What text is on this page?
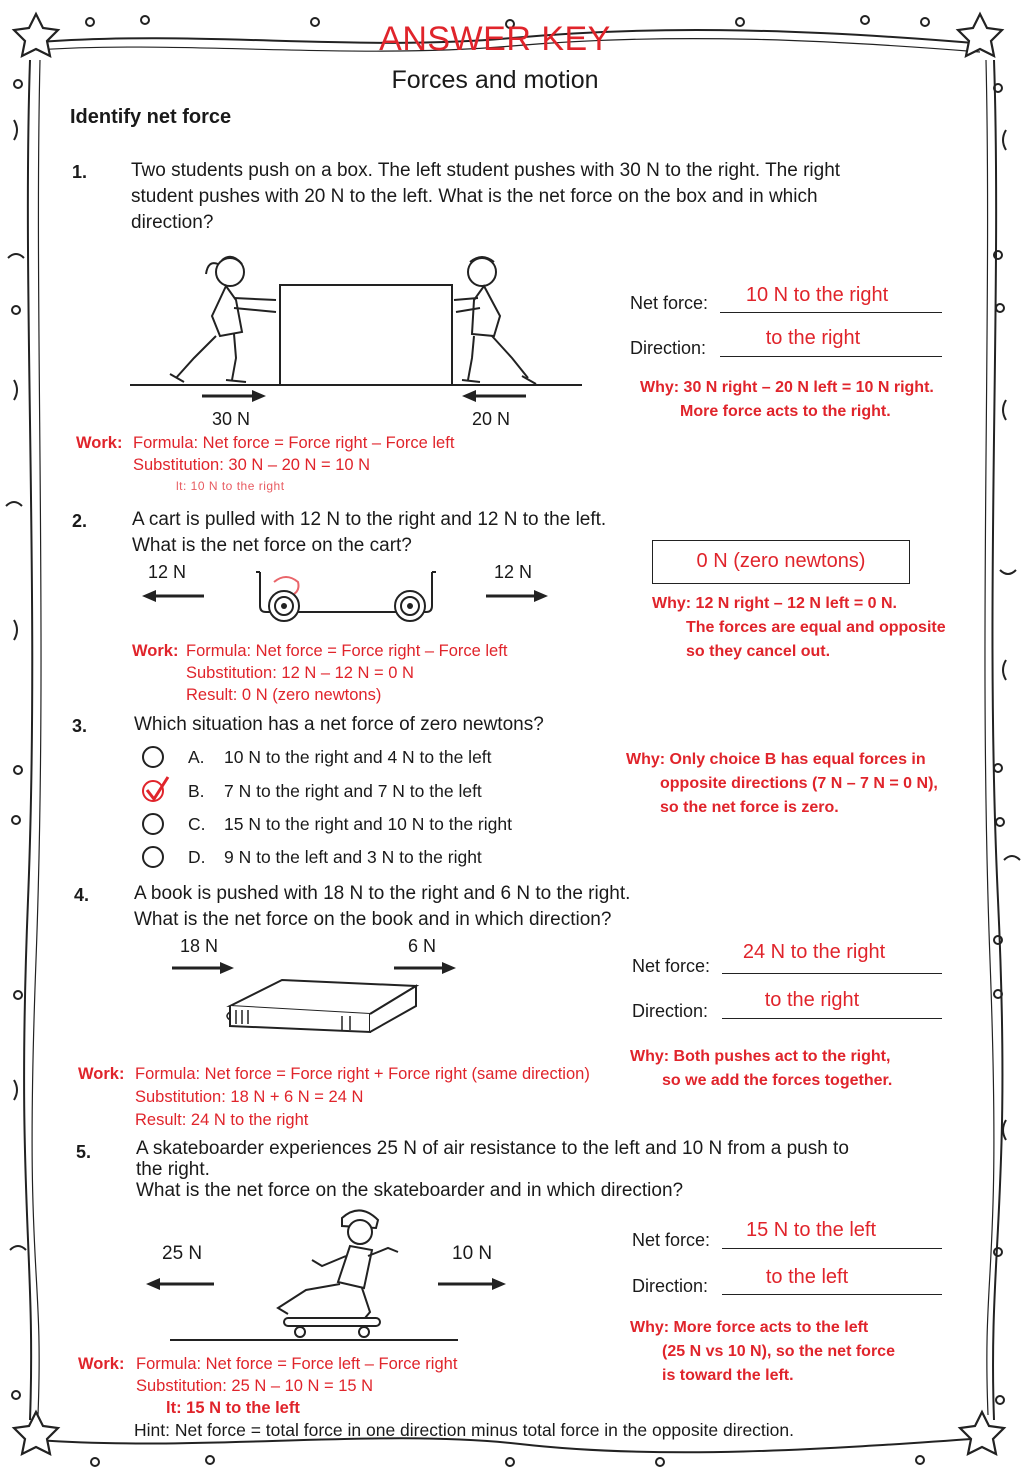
ANSWER KEY
Forces and motion
Identify net force
1. Two students push on a box. The left student pushes with 30 N to the right. The right
student pushes with 20 N to the left. What is the net force on the box and in which
direction?
30 N	20 N
Net force:	10 N to the right
Direction:	to the right
Why: 30 N right – 20 N left = 10 N right.
More force acts to the right.
Work: Formula: Net force = Force right – Force left
Substitution: 30 N – 20 N = 10 N
lt: 10 N to the right
2. A cart is pulled with 12 N to the right and 12 N to the left.
What is the net force on the cart?
12 N	12 N	0 N (zero newtons)
Why: 12 N right – 12 N left = 0 N.
The forces are equal and opposite
so they cancel out.
Work: Formula: Net force = Force right – Force left
Substitution: 12 N – 12 N = 0 N
Result: 0 N (zero newtons)
3. Which situation has a net force of zero newtons?
A. 10 N to the right and 4 N to the left
B. 7 N to the right and 7 N to the left
C. 15 N to the right and 10 N to the right
D. 9 N to the left and 3 N to the right
Why: Only choice B has equal forces in
opposite directions (7 N – 7 N = 0 N),
so the net force is zero.
4. A book is pushed with 18 N to the right and 6 N to the right.
What is the net force on the book and in which direction?
18 N	6 N
Net force:
24 N to the right
Direction:	to the right
Why: Both pushes act to the right,
so we add the forces together.
Work: Formula: Net force = Force right + Force right (same direction)
Substitution: 18 N + 6 N = 24 N
Result: 24 N to the right
5. A skateboarder experiences 25 N of air resistance to the left and 10 N from a push to
the right.
What is the net force on the skateboarder and in which direction?
25 N	10 N
Net force:	15 N to the left
Direction:	to the left
Why: More force acts to the left
(25 N vs 10 N), so the net force
is toward the left.
Work: Formula: Net force = Force left – Force right
Substitution: 25 N – 10 N = 15 N
lt: 15 N to the left
Hint: Net force = total force in one direction minus total force in the opposite direction.
